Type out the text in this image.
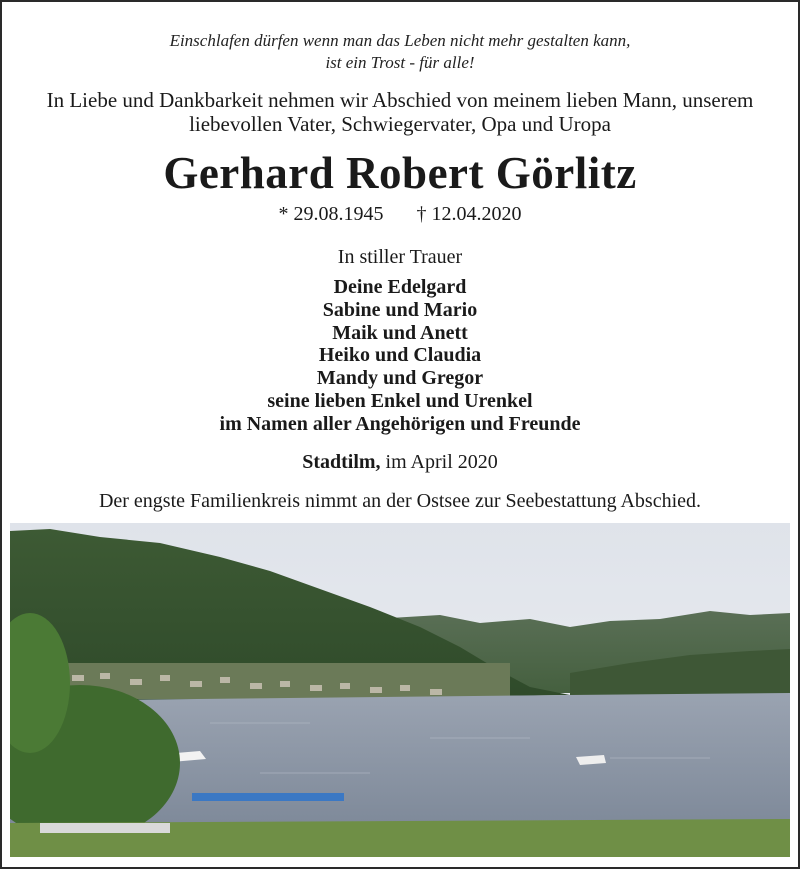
Einschlafen dürfen wenn man das Leben nicht mehr gestalten kann,
ist ein Trost - für alle!
In Liebe und Dankbarkeit nehmen wir Abschied von meinem lieben Mann, unserem
liebevollen Vater, Schwiegervater, Opa und Uropa
Gerhard Robert Görlitz
* 29.08.1945 † 12.04.2020
In stiller Trauer
Deine Edelgard
Sabine und Mario
Maik und Anett
Heiko und Claudia
Mandy und Gregor
seine lieben Enkel und Urenkel
im Namen aller Angehörigen und Freunde
Stadtilm, im April 2020
Der engste Familienkreis nimmt an der Ostsee zur Seebestattung Abschied.
